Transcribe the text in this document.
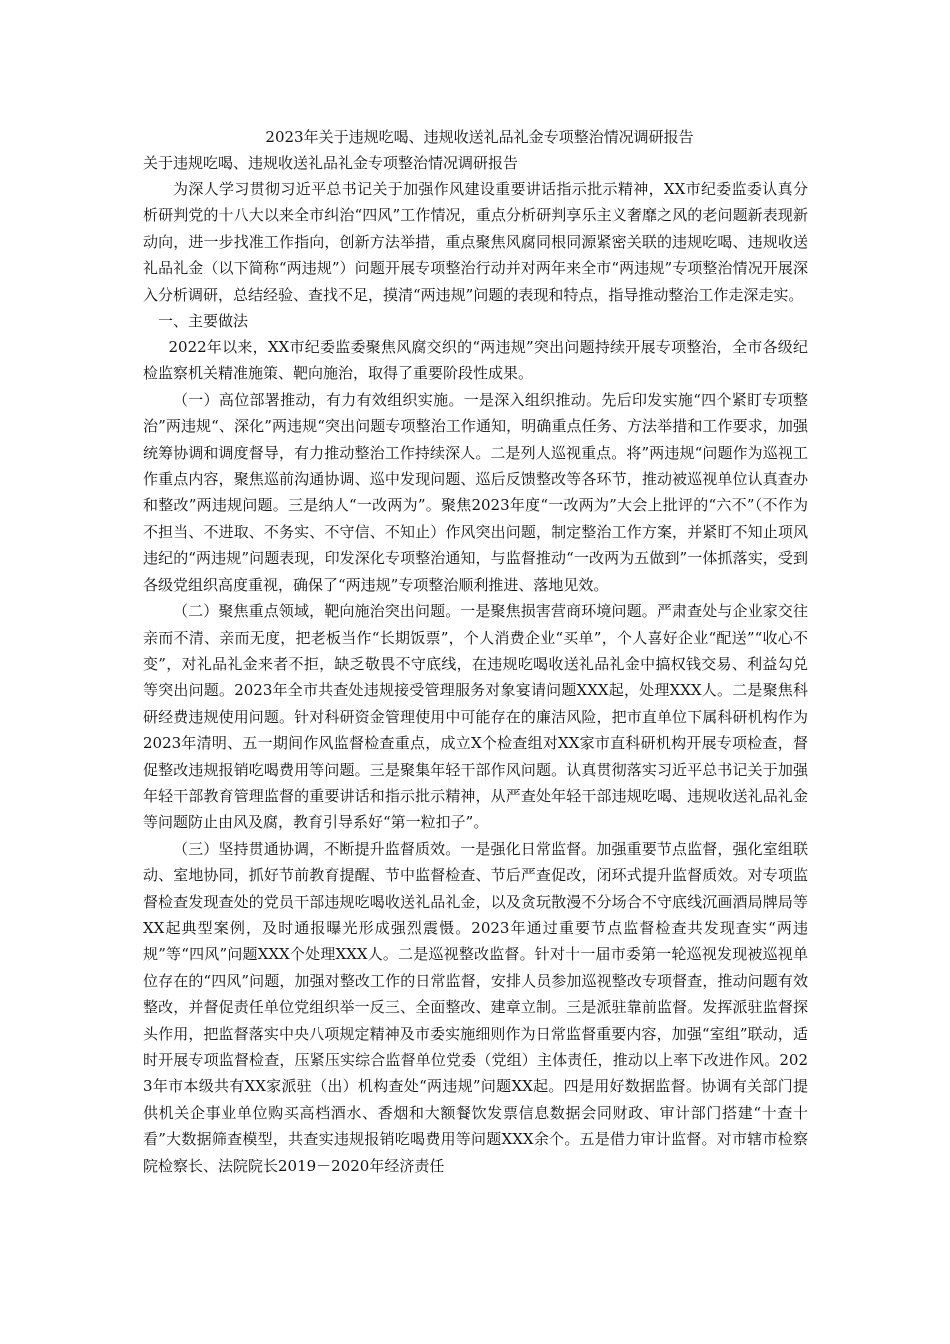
2023年关于违规吃喝、违规收送礼品礼金专项整治情况调研报告

关于违规吃喝、违规收送礼品礼金专项整治情况调研报告

为深人学习贯彻习近平总书记关于加强作风建设重要讲话指示批示精神，XX市纪委监委认真分析研判党的十八大以来全市纠治“四风”工作情况，重点分析研判享乐主义奢靡之风的老问题新表现新动向，进一步找准工作指向，创新方法举措，重点聚焦风腐同根同源紧密关联的违规吃喝、违规收送礼品礼金（以下简称“两违规”）问题开展专项整治行动并对两年来全市“两违规”专项整治情况开展深入分析调研，总结经验、查找不足，摸清“两违规”问题的表现和特点，指导推动整治工作走深走实。

一、主要做法

2022年以来，XX市纪委监委聚焦风腐交织的“两违规”突出问题持续开展专项整治，全市各级纪检监察机关精准施策、靶向施治，取得了重要阶段性成果。

（一）高位部署推动，有力有效组织实施。一是深入组织推动。先后印发实施“四个紧盯专项整治”两违规“、深化”两违规“突出问题专项整治工作通知，明确重点任务、方法举措和工作要求，加强统筹协调和调度督导，有力推动整治工作持续深人。二是列人巡视重点。将”两违规“问题作为巡视工作重点内容，聚焦巡前沟通协调、巡中发现问题、巡后反馈整改等各环节，推动被巡视单位认真查办和整改”两违规问题。三是纳人“一改两为”。聚焦2023年度“一改两为”大会上批评的“六不”（不作为不担当、不进取、不务实、不守信、不知止）作风突出问题，制定整治工作方案，并紧盯不知止项风违纪的“两违规”问题表现，印发深化专项整治通知，与监督推动“一改两为五做到”一体抓落实，受到各级党组织高度重视，确保了“两违规”专项整治顺利推进、落地见效。

（二）聚焦重点领域，靶向施治突出问题。一是聚焦损害营商环境问题。严肃查处与企业家交往亲而不清、亲而无度，把老板当作“长期饭票”，个人消费企业“买单”，个人喜好企业“配送”“收心不变”，对礼品礼金来者不拒，缺乏敬畏不守底线，在违规吃喝收送礼品礼金中搞权钱交易、利益勾兑等突出问题。2023年全市共查处违规接受管理服务对象宴请问题XXX起，处理XXX人。二是聚焦科研经费违规使用问题。针对科研资金管理使用中可能存在的廉洁风险，把市直单位下属科研机构作为2023年清明、五一期间作风监督检查重点，成立X个检查组对XX家市直科研机构开展专项检查，督促整改违规报销吃喝费用等问题。三是聚集年轻干部作风问题。认真贯彻落实习近平总书记关于加强年轻干部教育管理监督的重要讲话和指示批示精神，从严查处年轻干部违规吃喝、违规收送礼品礼金等问题防止由风及腐，教育引导系好“第一粒扣子”。

（三）坚持贯通协调，不断提升监督质效。一是强化日常监督。加强重要节点监督，强化室组联动、室地协同，抓好节前教育提醒、节中监督检查、节后严查促改，闭环式提升监督质效。对专项监督检查发现查处的党员干部违规吃喝收送礼品礼金，以及贪玩散漫不分场合不守底线沉画酒局牌局等XX起典型案例，及时通报曝光形成强烈震慑。2023年通过重要节点监督检查共发现查实“两违规”等“四风”问题XXX个处理XXX人。二是巡视整改监督。针对十一届市委第一轮巡视发现被巡视单位存在的“四风”问题，加强对整改工作的日常监督，安排人员参加巡视整改专项督查，推动问题有效整改，并督促责任单位党组织举一反三、全面整改、建章立制。三是派驻靠前监督。发挥派驻监督探头作用，把监督落实中央八项规定精神及市委实施细则作为日常监督重要内容，加强“室组”联动，适时开展专项监督检查，压紧压实综合监督单位党委（党组）主体责任，推动以上率下改进作风。2023年市本级共有XX家派驻（出）机构查处“两违规”问题XX起。四是用好数据监督。协调有关部门提供机关企事业单位购买高档酒水、香烟和大额餐饮发票信息数据会同财政、审计部门搭建“十查十看”大数据筛查模型，共查实违规报销吃喝费用等问题XXX余个。五是借力审计监督。对市辖市检察院检察长、法院院长2019－2020年经济责任
